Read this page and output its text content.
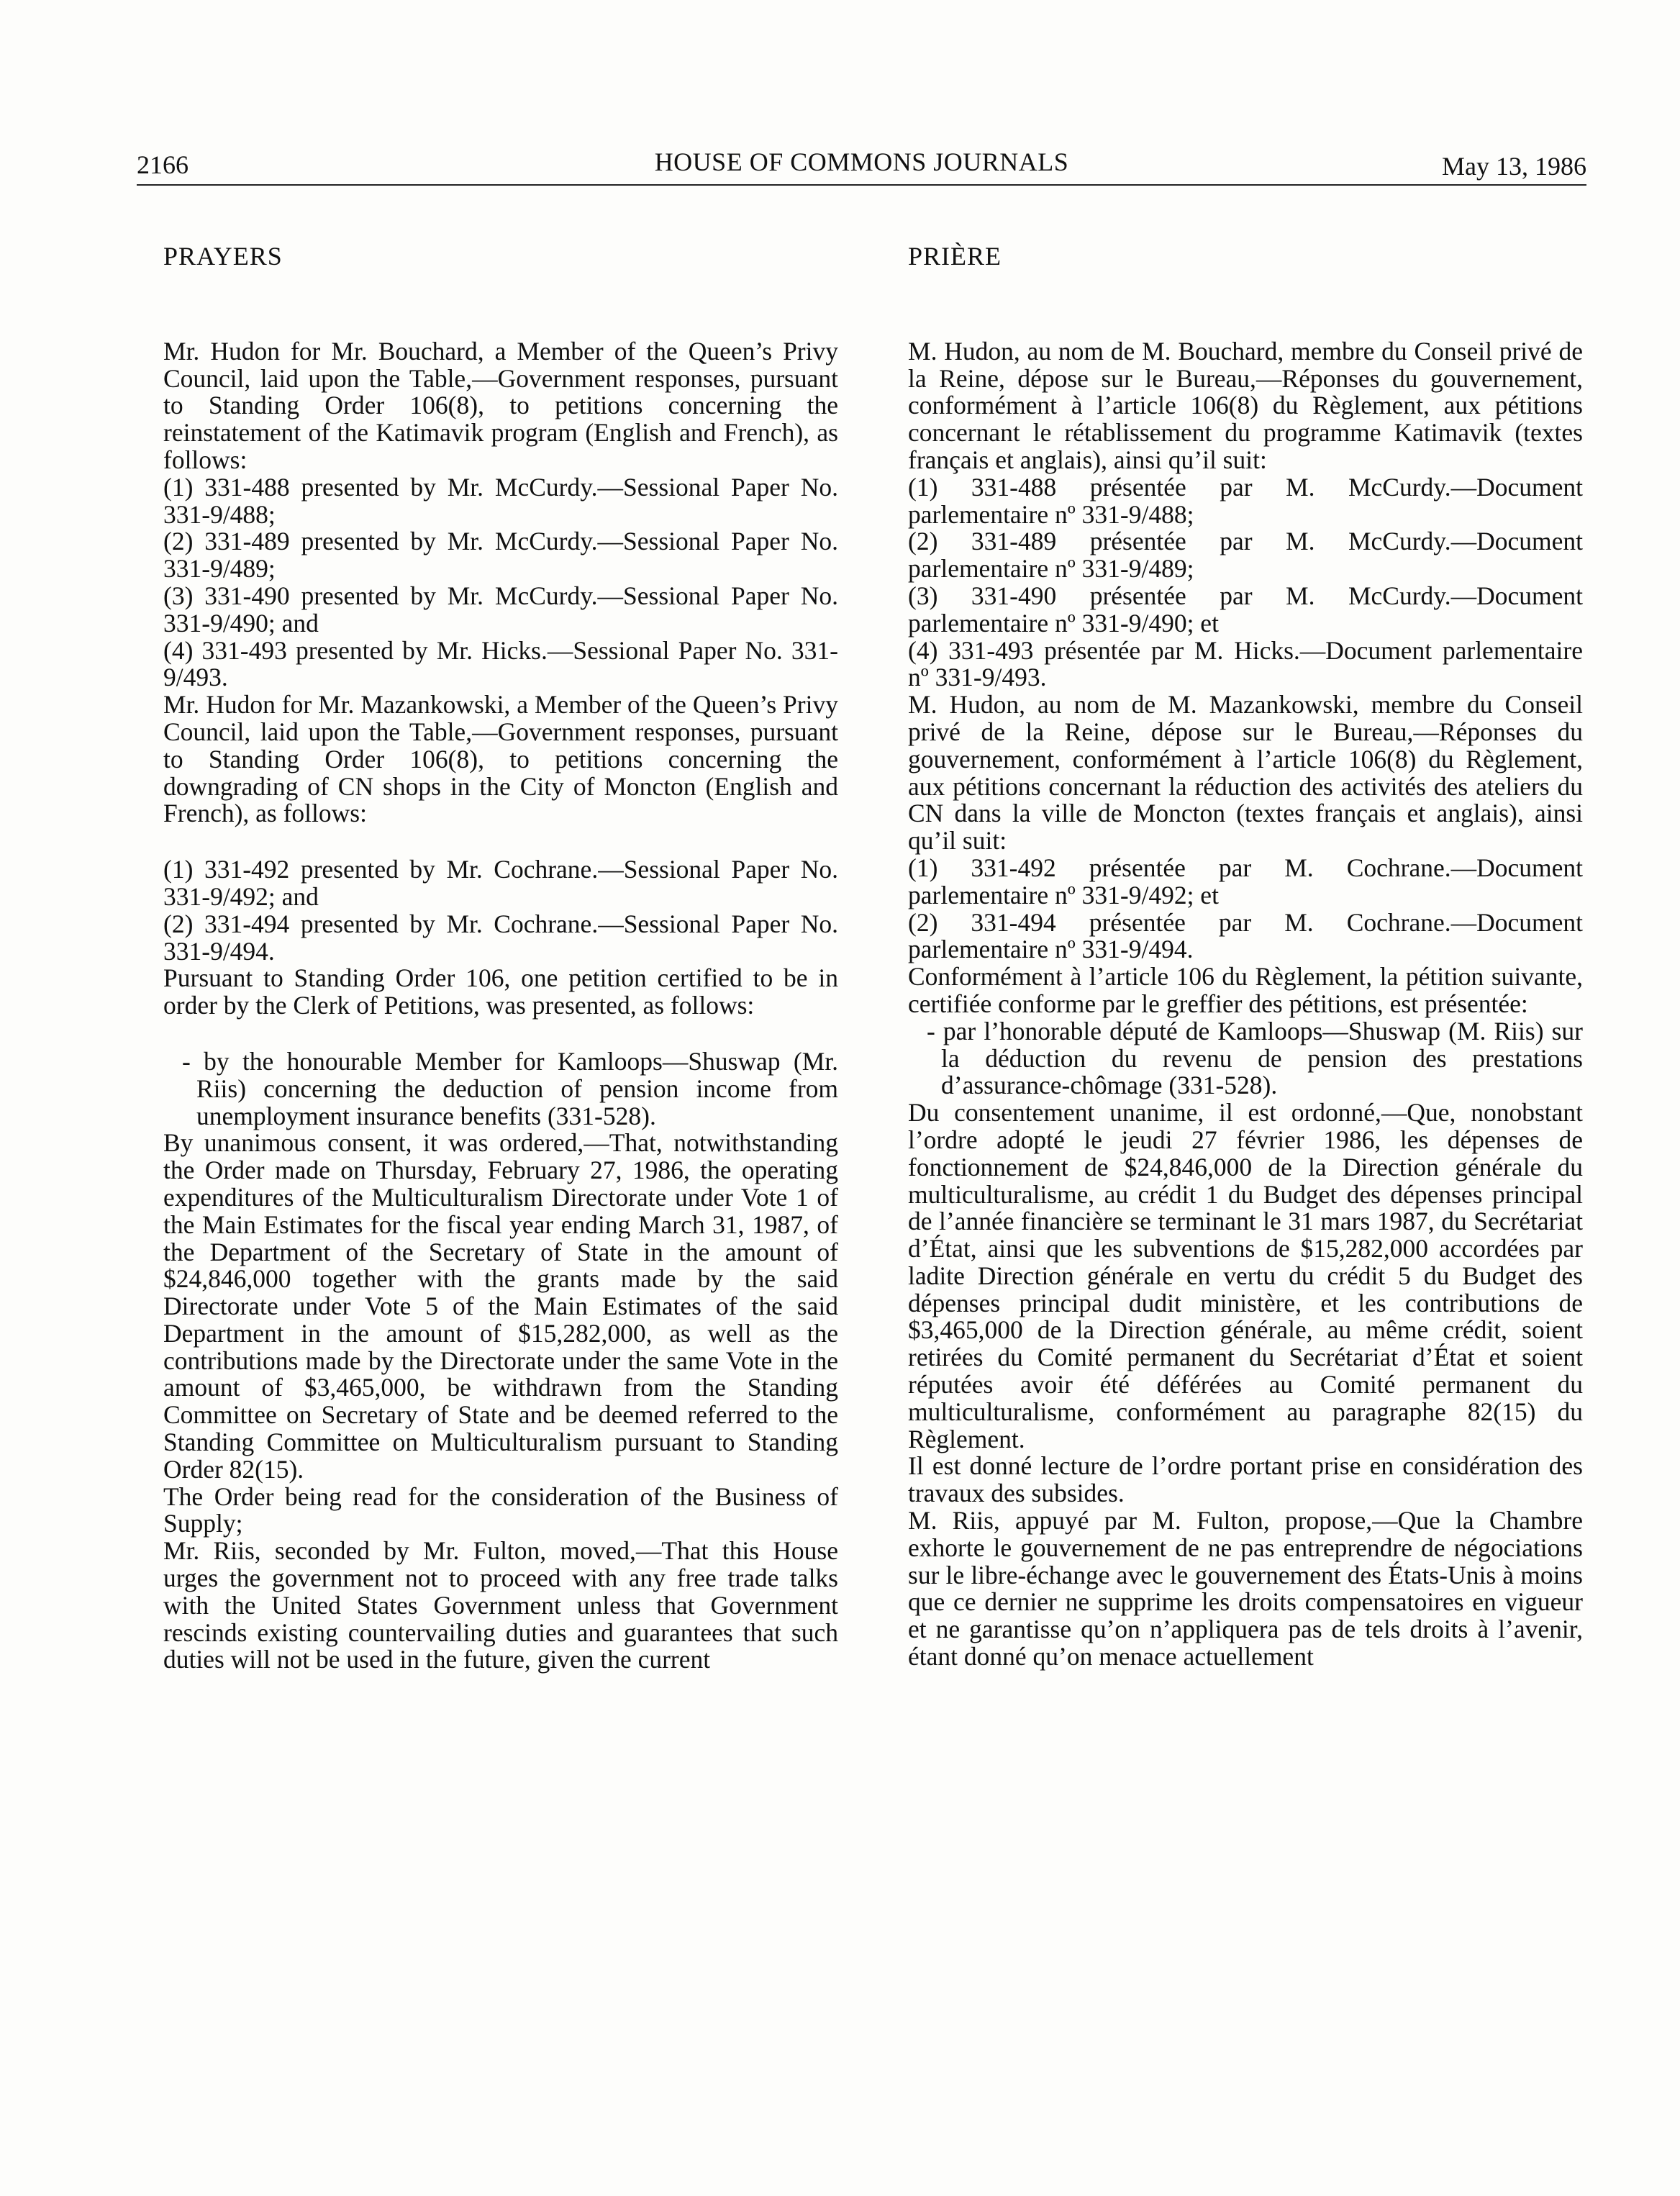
2166	HOUSE OF COMMONS JOURNALS	May 13, 1986
PRAYERS

Mr. Hudon for Mr. Bouchard, a Member of the Queen’s Privy Council, laid upon the Table,—Government responses, pursuant to Standing Order 106(8), to petitions concerning the reinstatement of the Katimavik program (English and French), as follows:

(1) 331-488 presented by Mr. McCurdy.—Sessional Paper No. 331-9/488;

(2) 331-489 presented by Mr. McCurdy.—Sessional Paper No. 331-9/489;

(3) 331-490 presented by Mr. McCurdy.—Sessional Paper No. 331-9/490; and

(4) 331-493 presented by Mr. Hicks.—Sessional Paper No. 331-9/493.

Mr. Hudon for Mr. Mazankowski, a Member of the Queen’s Privy Council, laid upon the Table,—Government responses, pursuant to Standing Order 106(8), to petitions concerning the downgrading of CN shops in the City of Moncton (English and French), as follows:

(1) 331-492 presented by Mr. Cochrane.—Sessional Paper No. 331-9/492; and

(2) 331-494 presented by Mr. Cochrane.—Sessional Paper No. 331-9/494.

Pursuant to Standing Order 106, one petition certified to be in order by the Clerk of Petitions, was presented, as follows:

- by the honourable Member for Kamloops—Shuswap (Mr. Riis) concerning the deduction of pension income from unemployment insurance benefits (331-528).

By unanimous consent, it was ordered,—That, notwithstanding the Order made on Thursday, February 27, 1986, the operating expenditures of the Multiculturalism Directorate under Vote 1 of the Main Estimates for the fiscal year ending March 31, 1987, of the Department of the Secretary of State in the amount of $24,846,000 together with the grants made by the said Directorate under Vote 5 of the Main Estimates of the said Department in the amount of $15,282,000, as well as the contributions made by the Directorate under the same Vote in the amount of $3,465,000, be withdrawn from the Standing Committee on Secretary of State and be deemed referred to the Standing Committee on Multiculturalism pursuant to Standing Order 82(15).

The Order being read for the consideration of the Business of Supply;

Mr. Riis, seconded by Mr. Fulton, moved,—That this House urges the government not to proceed with any free trade talks with the United States Government unless that Government rescinds existing countervailing duties and guarantees that such duties will not be used in the future, given the current

PRIÈRE

M. Hudon, au nom de M. Bouchard, membre du Conseil privé de la Reine, dépose sur le Bureau,—Réponses du gouvernement, conformément à l’article 106(8) du Règlement, aux pétitions concernant le rétablissement du programme Katimavik (textes français et anglais), ainsi qu’il suit:

(1) 331-488 présentée par M. McCurdy.—Document parlementaire nº 331-9/488;

(2) 331-489 présentée par M. McCurdy.—Document parlementaire nº 331-9/489;

(3) 331-490 présentée par M. McCurdy.—Document parlementaire nº 331-9/490; et

(4) 331-493 présentée par M. Hicks.—Document parlementaire nº 331-9/493.

M. Hudon, au nom de M. Mazankowski, membre du Conseil privé de la Reine, dépose sur le Bureau,—Réponses du gouvernement, conformément à l’article 106(8) du Règlement, aux pétitions concernant la réduction des activités des ateliers du CN dans la ville de Moncton (textes français et anglais), ainsi qu’il suit:

(1) 331-492 présentée par M. Cochrane.—Document parlementaire nº 331-9/492; et

(2) 331-494 présentée par M. Cochrane.—Document parlementaire nº 331-9/494.

Conformément à l’article 106 du Règlement, la pétition suivante, certifiée conforme par le greffier des pétitions, est présentée:

- par l’honorable député de Kamloops—Shuswap (M. Riis) sur la déduction du revenu de pension des prestations d’assurance-chômage (331-528).

Du consentement unanime, il est ordonné,—Que, nonobstant l’ordre adopté le jeudi 27 février 1986, les dépenses de fonctionnement de $24,846,000 de la Direction générale du multiculturalisme, au crédit 1 du Budget des dépenses principal de l’année financière se terminant le 31 mars 1987, du Secrétariat d’État, ainsi que les subventions de $15,282,000 accordées par ladite Direction générale en vertu du crédit 5 du Budget des dépenses principal dudit ministère, et les contributions de $3,465,000 de la Direction générale, au même crédit, soient retirées du Comité permanent du Secrétariat d’État et soient réputées avoir été déférées au Comité permanent du multiculturalisme, conformément au paragraphe 82(15) du Règlement.

Il est donné lecture de l’ordre portant prise en considération des travaux des subsides.

M. Riis, appuyé par M. Fulton, propose,—Que la Chambre exhorte le gouvernement de ne pas entreprendre de négociations sur le libre-échange avec le gouvernement des États-Unis à moins que ce dernier ne supprime les droits compensatoires en vigueur et ne garantisse qu’on n’appliquera pas de tels droits à l’avenir, étant donné qu’on menace actuellement
